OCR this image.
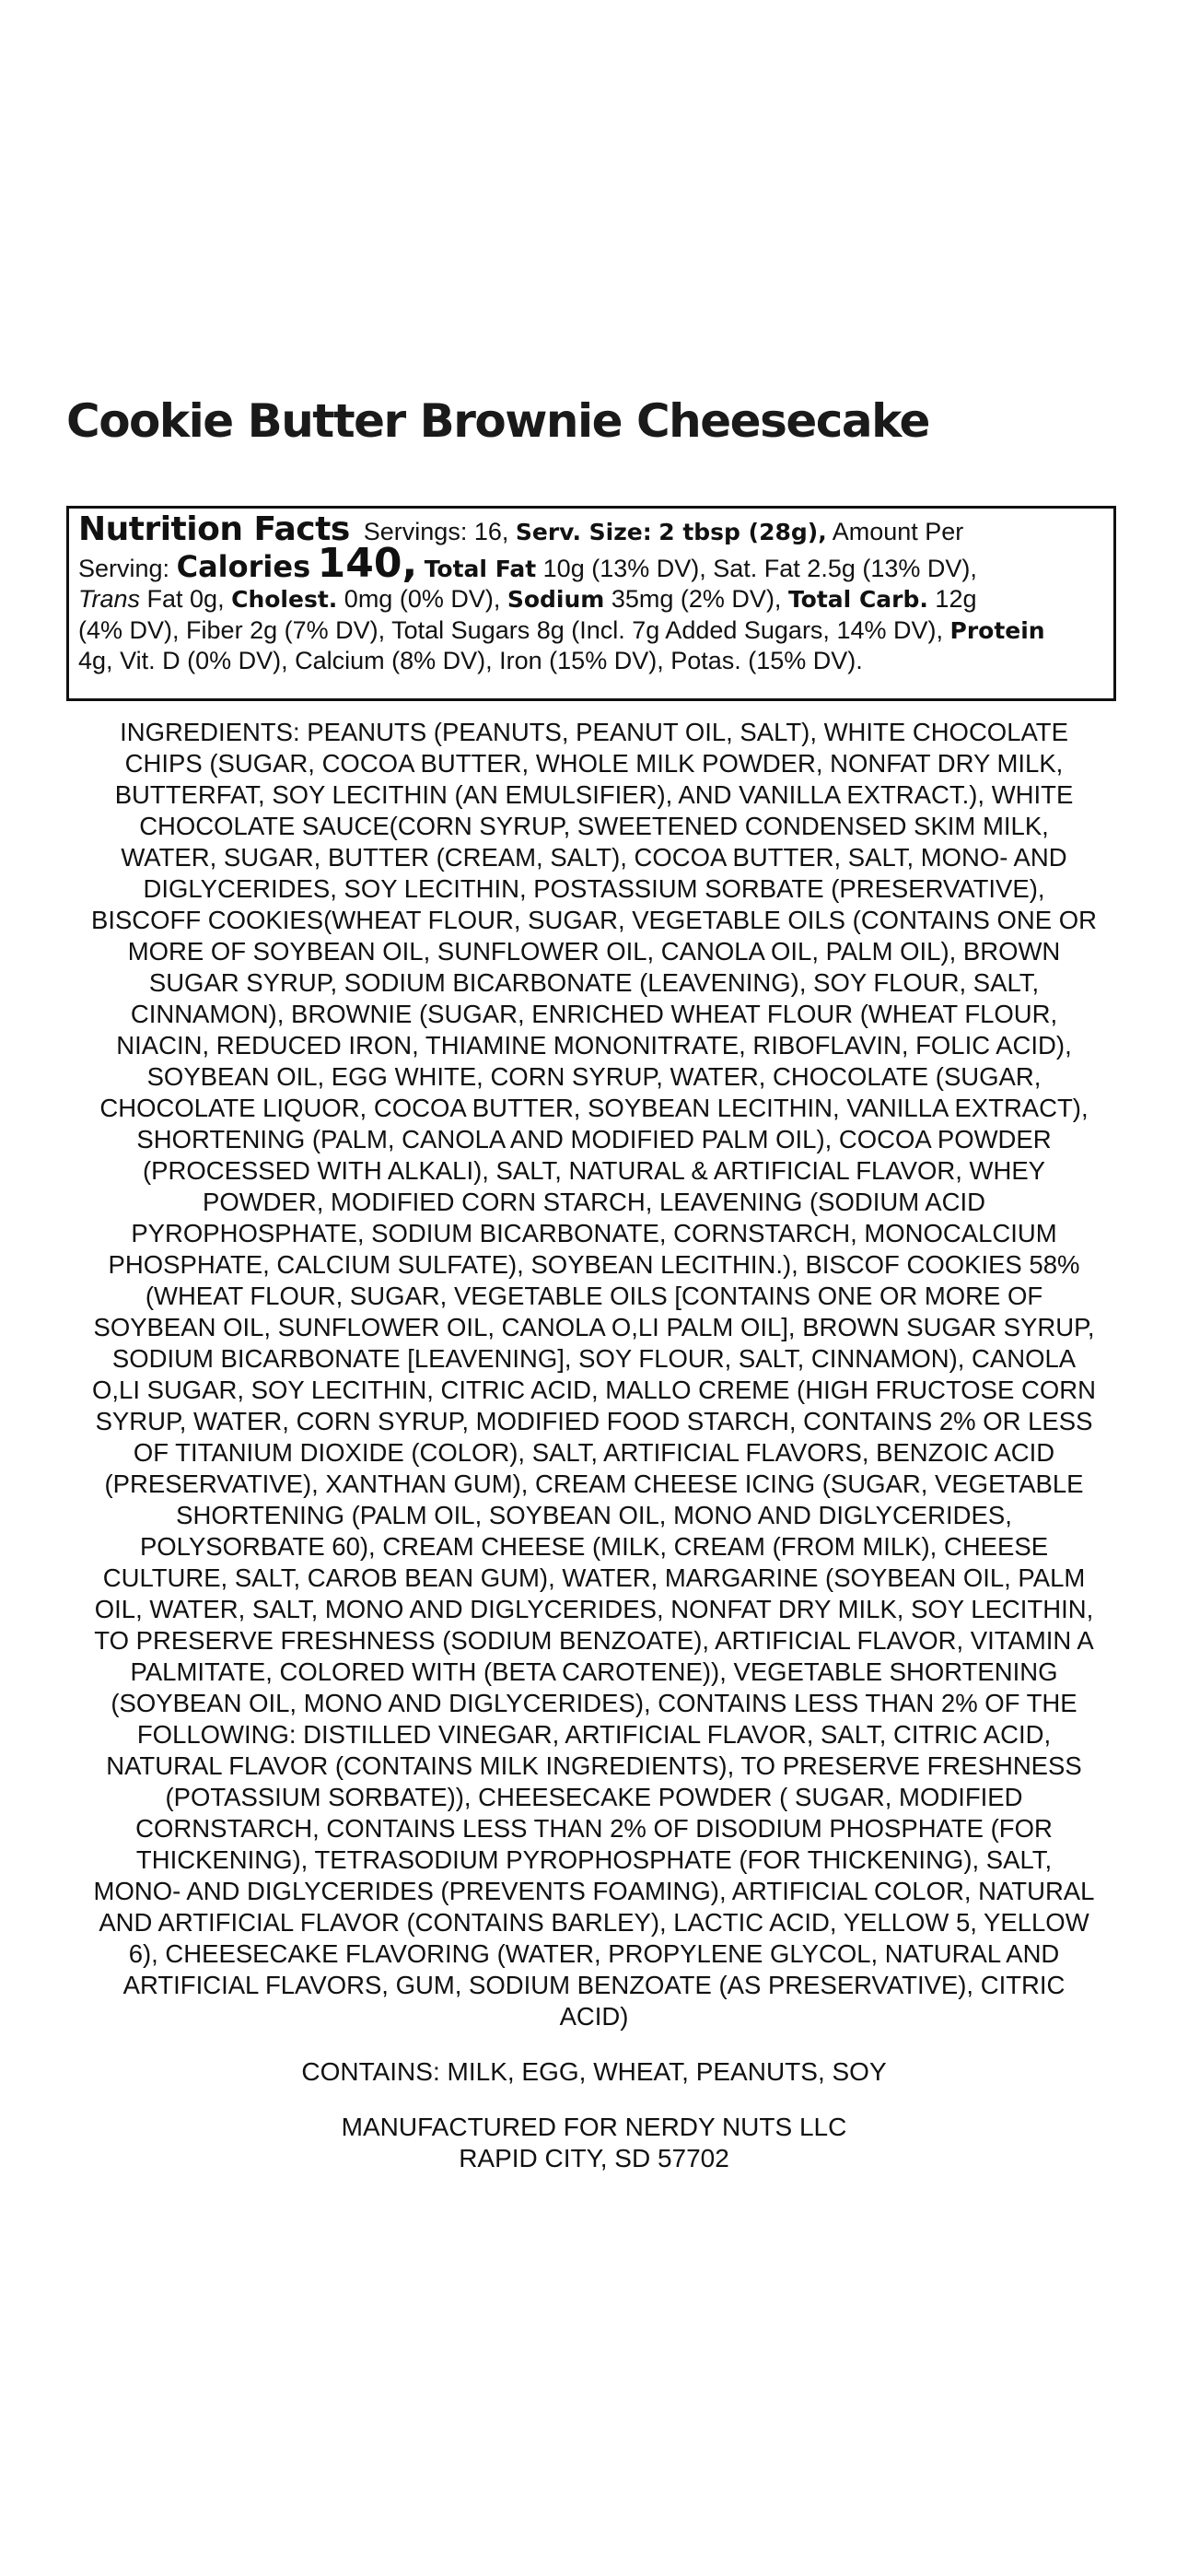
Cookie Butter Brownie Cheesecake
Nutrition Facts Servings: 16, Serv. Size: 2 tbsp (28g), Amount Per
Serving: Calories 140, Total Fat 10g (13% DV), Sat. Fat 2.5g (13% DV),
Trans Fat 0g, Cholest. 0mg (0% DV), Sodium 35mg (2% DV), Total Carb. 12g
(4% DV), Fiber 2g (7% DV), Total Sugars 8g (Incl. 7g Added Sugars, 14% DV), Protein
4g, Vit. D (0% DV), Calcium (8% DV), Iron (15% DV), Potas. (15% DV).
INGREDIENTS: PEANUTS (PEANUTS, PEANUT OIL, SALT), WHITE CHOCOLATE
CHIPS (SUGAR, COCOA BUTTER, WHOLE MILK POWDER, NONFAT DRY MILK,
BUTTERFAT, SOY LECITHIN (AN EMULSIFIER), AND VANILLA EXTRACT.), WHITE
CHOCOLATE SAUCE(CORN SYRUP, SWEETENED CONDENSED SKIM MILK,
WATER, SUGAR, BUTTER (CREAM, SALT), COCOA BUTTER, SALT, MONO- AND
DIGLYCERIDES, SOY LECITHIN, POSTASSIUM SORBATE (PRESERVATIVE),
BISCOFF COOKIES(WHEAT FLOUR, SUGAR, VEGETABLE OILS (CONTAINS ONE OR
MORE OF SOYBEAN OIL, SUNFLOWER OIL, CANOLA OIL, PALM OIL), BROWN
SUGAR SYRUP, SODIUM BICARBONATE (LEAVENING), SOY FLOUR, SALT,
CINNAMON), BROWNIE (SUGAR, ENRICHED WHEAT FLOUR (WHEAT FLOUR,
NIACIN, REDUCED IRON, THIAMINE MONONITRATE, RIBOFLAVIN, FOLIC ACID),
SOYBEAN OIL, EGG WHITE, CORN SYRUP, WATER, CHOCOLATE (SUGAR,
CHOCOLATE LIQUOR, COCOA BUTTER, SOYBEAN LECITHIN, VANILLA EXTRACT),
SHORTENING (PALM, CANOLA AND MODIFIED PALM OIL), COCOA POWDER
(PROCESSED WITH ALKALI), SALT, NATURAL & ARTIFICIAL FLAVOR, WHEY
POWDER, MODIFIED CORN STARCH, LEAVENING (SODIUM ACID
PYROPHOSPHATE, SODIUM BICARBONATE, CORNSTARCH, MONOCALCIUM
PHOSPHATE, CALCIUM SULFATE), SOYBEAN LECITHIN.), BISCOF COOKIES 58%
(WHEAT FLOUR, SUGAR, VEGETABLE OILS [CONTAINS ONE OR MORE OF
SOYBEAN OIL, SUNFLOWER OIL, CANOLA O,LI PALM OIL], BROWN SUGAR SYRUP,
SODIUM BICARBONATE [LEAVENING], SOY FLOUR, SALT, CINNAMON), CANOLA
O,LI SUGAR, SOY LECITHIN, CITRIC ACID, MALLO CREME (HIGH FRUCTOSE CORN
SYRUP, WATER, CORN SYRUP, MODIFIED FOOD STARCH, CONTAINS 2% OR LESS
OF TITANIUM DIOXIDE (COLOR), SALT, ARTIFICIAL FLAVORS, BENZOIC ACID
(PRESERVATIVE), XANTHAN GUM), CREAM CHEESE ICING (SUGAR, VEGETABLE
SHORTENING (PALM OIL, SOYBEAN OIL, MONO AND DIGLYCERIDES,
POLYSORBATE 60), CREAM CHEESE (MILK, CREAM (FROM MILK), CHEESE
CULTURE, SALT, CAROB BEAN GUM), WATER, MARGARINE (SOYBEAN OIL, PALM
OIL, WATER, SALT, MONO AND DIGLYCERIDES, NONFAT DRY MILK, SOY LECITHIN,
TO PRESERVE FRESHNESS (SODIUM BENZOATE), ARTIFICIAL FLAVOR, VITAMIN A
PALMITATE, COLORED WITH (BETA CAROTENE)), VEGETABLE SHORTENING
(SOYBEAN OIL, MONO AND DIGLYCERIDES), CONTAINS LESS THAN 2% OF THE
FOLLOWING: DISTILLED VINEGAR, ARTIFICIAL FLAVOR, SALT, CITRIC ACID,
NATURAL FLAVOR (CONTAINS MILK INGREDIENTS), TO PRESERVE FRESHNESS
(POTASSIUM SORBATE)), CHEESECAKE POWDER ( SUGAR, MODIFIED
CORNSTARCH, CONTAINS LESS THAN 2% OF DISODIUM PHOSPHATE (FOR
THICKENING), TETRASODIUM PYROPHOSPHATE (FOR THICKENING), SALT,
MONO- AND DIGLYCERIDES (PREVENTS FOAMING), ARTIFICIAL COLOR, NATURAL
AND ARTIFICIAL FLAVOR (CONTAINS BARLEY), LACTIC ACID, YELLOW 5, YELLOW
6), CHEESECAKE FLAVORING (WATER, PROPYLENE GLYCOL, NATURAL AND
ARTIFICIAL FLAVORS, GUM, SODIUM BENZOATE (AS PRESERVATIVE), CITRIC
ACID)

CONTAINS: MILK, EGG, WHEAT, PEANUTS, SOY

MANUFACTURED FOR NERDY NUTS LLC
RAPID CITY, SD 57702
